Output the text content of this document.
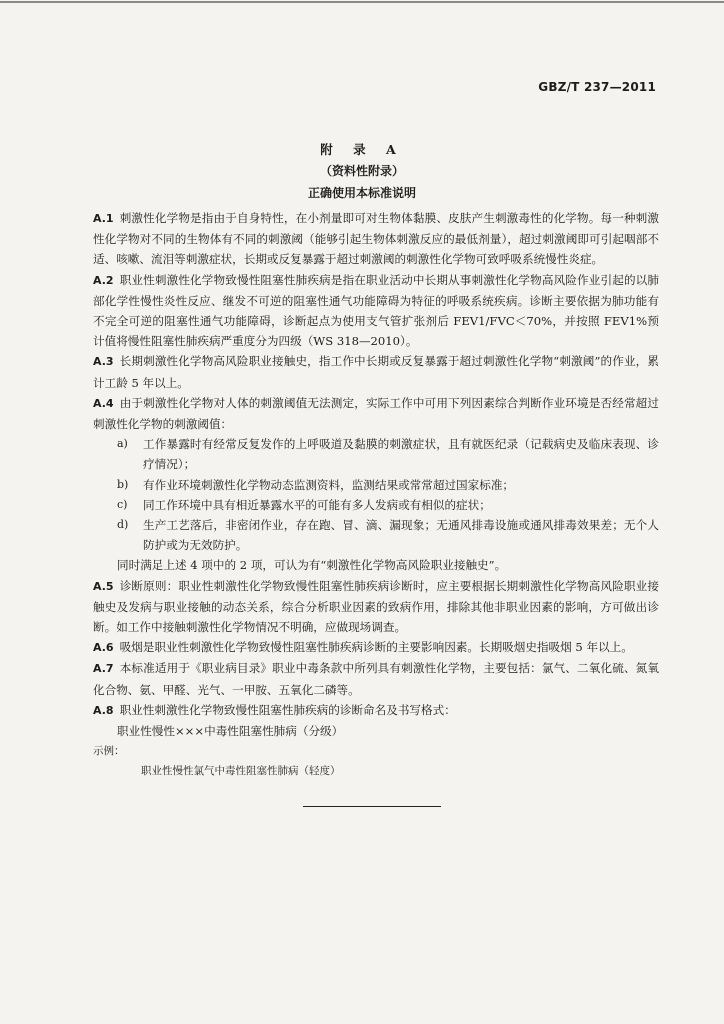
GBZ/T 237—2011
附 录 A
（资料性附录）
正确使用本标准说明

A.1 刺激性化学物是指由于自身特性，在小剂量即可对生物体黏膜、皮肤产生刺激毒性的化学物。每一种刺激性化学物对不同的生物体有不同的刺激阈（能够引起生物体刺激反应的最低剂量），超过刺激阈即可引起咽部不适、咳嗽、流泪等刺激症状，长期或反复暴露于超过刺激阈的刺激性化学物可致呼吸系统慢性炎症。

A.2 职业性刺激性化学物致慢性阻塞性肺疾病是指在职业活动中长期从事刺激性化学物高风险作业引起的以肺部化学性慢性炎性反应、继发不可逆的阻塞性通气功能障碍为特征的呼吸系统疾病。诊断主要依据为肺功能有不完全可逆的阻塞性通气功能障碍，诊断起点为使用支气管扩张剂后 FEV1/FVC＜70%，并按照 FEV1%预计值将慢性阻塞性肺疾病严重度分为四级（WS 318—2010）。

A.3 长期刺激性化学物高风险职业接触史，指工作中长期或反复暴露于超过刺激性化学物“刺激阈”的作业，累计工龄 5 年以上。

A.4 由于刺激性化学物对人体的刺激阈值无法测定，实际工作中可用下列因素综合判断作业环境是否经常超过刺激性化学物的刺激阈值：

a) 工作暴露时有经常反复发作的上呼吸道及黏膜的刺激症状，且有就医纪录（记载病史及临床表现、诊疗情况）；

b) 有作业环境刺激性化学物动态监测资料，监测结果或常常超过国家标准；

c) 同工作环境中具有相近暴露水平的可能有多人发病或有相似的症状；

d) 生产工艺落后，非密闭作业，存在跑、冒、滴、漏现象；无通风排毒设施或通风排毒效果差；无个人防护或为无效防护。

同时满足上述 4 项中的 2 项，可认为有“刺激性化学物高风险职业接触史”。

A.5 诊断原则：职业性刺激性化学物致慢性阻塞性肺疾病诊断时，应主要根据长期刺激性化学物高风险职业接触史及发病与职业接触的动态关系，综合分析职业因素的致病作用，排除其他非职业因素的影响，方可做出诊断。如工作中接触刺激性化学物情况不明确，应做现场调查。

A.6 吸烟是职业性刺激性化学物致慢性阻塞性肺疾病诊断的主要影响因素。长期吸烟史指吸烟 5 年以上。

A.7 本标准适用于《职业病目录》职业中毒条款中所列具有刺激性化学物，主要包括：氯气、二氧化硫、氮氧化合物、氨、甲醛、光气、一甲胺、五氧化二磷等。

A.8 职业性刺激性化学物致慢性阻塞性肺疾病的诊断命名及书写格式：

职业性慢性×××中毒性阻塞性肺病（分级）

示例：

职业性慢性氯气中毒性阻塞性肺病（轻度）
